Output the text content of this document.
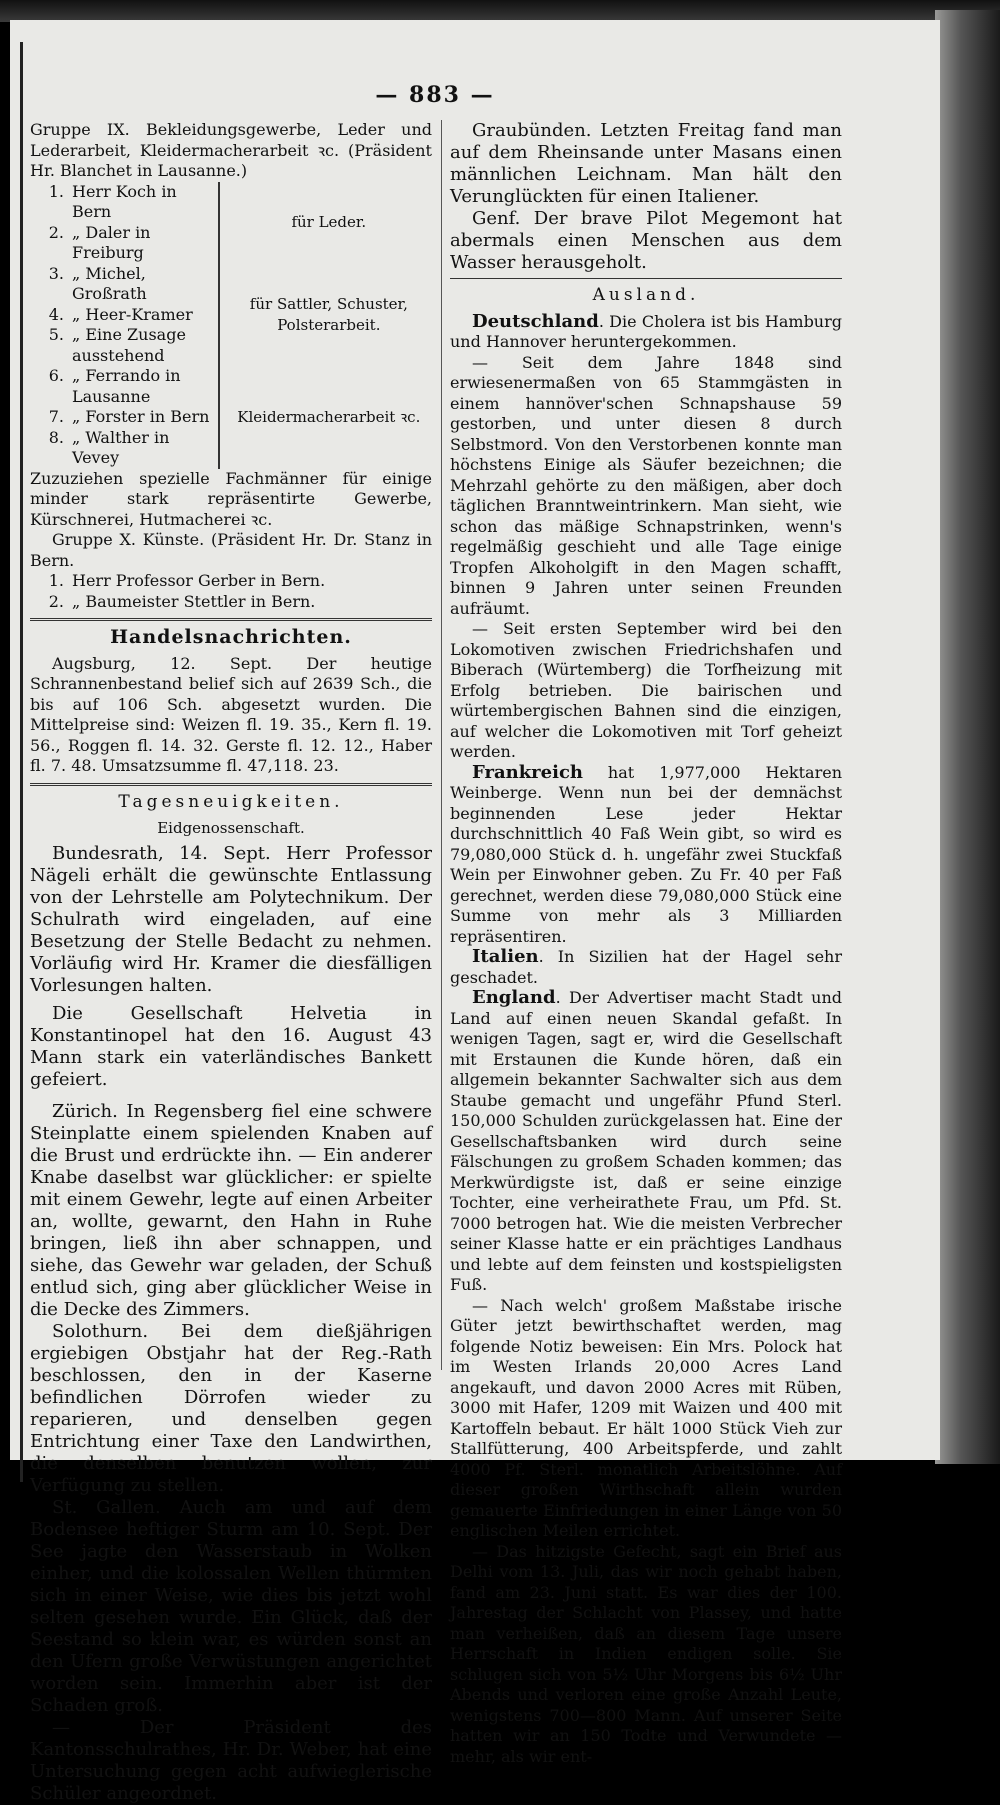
— 883 —

Gruppe IX. Bekleidungsgewerbe, Leder und Lederarbeit, Kleidermacherarbeit ꝛc. (Präsident Hr. Blanchet in Lausanne.)

1.	Herr Koch in Bern	für Leder.
2.	„ Daler in Freiburg	
3.	„ Michel, Großrath	für Sattler, Schuster, Polsterarbeit.
4.	„ Heer-Kramer	
5.	„ Eine Zusage ausstehend	
6.	„ Ferrando in Lausanne	Kleidermacherarbeit ꝛc.
7.	„ Forster in Bern	
8.	„ Walther in Vevey	

Zuzuziehen spezielle Fachmänner für einige minder stark repräsentirte Gewerbe, Kürschnerei, Hutmacherei ꝛc.

Gruppe X. Künste. (Präsident Hr. Dr. Stanz in Bern.

1.	Herr Professor Gerber in Bern.
2.	„ Baumeister Stettler in Bern.
Handelsnachrichten.

Augsburg, 12. Sept. Der heutige Schrannenbestand belief sich auf 2639 Sch., die bis auf 106 Sch. abgesetzt wurden. Die Mittelpreise sind: Weizen fl. 19. 35., Kern fl. 19. 56., Roggen fl. 14. 32. Gerste fl. 12. 12., Haber fl. 7. 48. Umsatzsumme fl. 47,118. 23.

Tagesneuigkeiten.
Eidgenossenschaft.

Bundesrath, 14. Sept. Herr Professor Nägeli erhält die gewünschte Entlassung von der Lehrstelle am Polytechnikum. Der Schulrath wird eingeladen, auf eine Besetzung der Stelle Bedacht zu nehmen. Vorläufig wird Hr. Kramer die diesfälligen Vorlesungen halten.

Die Gesellschaft Helvetia in Konstantinopel hat den 16. August 43 Mann stark ein vaterländisches Bankett gefeiert.

Zürich. In Regensberg fiel eine schwere Steinplatte einem spielenden Knaben auf die Brust und erdrückte ihn. — Ein anderer Knabe daselbst war glücklicher: er spielte mit einem Gewehr, legte auf einen Arbeiter an, wollte, gewarnt, den Hahn in Ruhe bringen, ließ ihn aber schnappen, und siehe, das Gewehr war geladen, der Schuß entlud sich, ging aber glücklicher Weise in die Decke des Zimmers.

Solothurn. Bei dem dießjährigen ergiebigen Obstjahr hat der Reg.-Rath beschlossen, den in der Kaserne befindlichen Dörrofen wieder zu reparieren, und denselben gegen Entrichtung einer Taxe den Landwirthen, die denselben benutzen wollen, zur Verfügung zu stellen.

St. Gallen. Auch am und auf dem Bodensee heftiger Sturm am 10. Sept. Der See jagte den Wasserstaub in Wolken einher, und die kolossalen Wellen thürmten sich in einer Weise, wie dies bis jetzt wohl selten gesehen wurde. Ein Glück, daß der Seestand so klein war, es würden sonst an den Ufern große Verwüstungen angerichtet worden sein. Immerhin aber ist der Schaden groß.

— Der Präsident des Kantonsschulrathes, Hr. Dr. Weber, hat eine Untersuchung gegen acht aufwieglerische Schüler angeordnet.

Graubünden. Letzten Freitag fand man auf dem Rheinsande unter Masans einen männlichen Leichnam. Man hält den Verunglückten für einen Italiener.

Genf. Der brave Pilot Megemont hat abermals einen Menschen aus dem Wasser herausgeholt.

Ausland.

Deutschland. Die Cholera ist bis Hamburg und Hannover heruntergekommen.

— Seit dem Jahre 1848 sind erwiesenermaßen von 65 Stammgästen in einem hannöver'schen Schnapshause 59 gestorben, und unter diesen 8 durch Selbstmord. Von den Verstorbenen konnte man höchstens Einige als Säufer bezeichnen; die Mehrzahl gehörte zu den mäßigen, aber doch täglichen Branntweintrinkern. Man sieht, wie schon das mäßige Schnapstrinken, wenn's regelmäßig geschieht und alle Tage einige Tropfen Alkoholgift in den Magen schafft, binnen 9 Jahren unter seinen Freunden aufräumt.

— Seit ersten September wird bei den Lokomotiven zwischen Friedrichshafen und Biberach (Würtemberg) die Torfheizung mit Erfolg betrieben. Die bairischen und würtembergischen Bahnen sind die einzigen, auf welcher die Lokomotiven mit Torf geheizt werden.

Frankreich hat 1,977,000 Hektaren Weinberge. Wenn nun bei der demnächst beginnenden Lese jeder Hektar durchschnittlich 40 Faß Wein gibt, so wird es 79,080,000 Stück d. h. ungefähr zwei Stuckfaß Wein per Einwohner geben. Zu Fr. 40 per Faß gerechnet, werden diese 79,080,000 Stück eine Summe von mehr als 3 Milliarden repräsentiren.

Italien. In Sizilien hat der Hagel sehr geschadet.

England. Der Advertiser macht Stadt und Land auf einen neuen Skandal gefaßt. In wenigen Tagen, sagt er, wird die Gesellschaft mit Erstaunen die Kunde hören, daß ein allgemein bekannter Sachwalter sich aus dem Staube gemacht und ungefähr Pfund Sterl. 150,000 Schulden zurückgelassen hat. Eine der Gesellschaftsbanken wird durch seine Fälschungen zu großem Schaden kommen; das Merkwürdigste ist, daß er seine einzige Tochter, eine verheirathete Frau, um Pfd. St. 7000 betrogen hat. Wie die meisten Verbrecher seiner Klasse hatte er ein prächtiges Landhaus und lebte auf dem feinsten und kostspieligsten Fuß.

— Nach welch' großem Maßstabe irische Güter jetzt bewirthschaftet werden, mag folgende Notiz beweisen: Ein Mrs. Polock hat im Westen Irlands 20,000 Acres Land angekauft, und davon 2000 Acres mit Rüben, 3000 mit Hafer, 1209 mit Waizen und 400 mit Kartoffeln bebaut. Er hält 1000 Stück Vieh zur Stallfütterung, 400 Arbeitspferde, und zahlt 4000 Pf. Sterl. monatlich Arbeitslöhne. Auf dieser großen Wirthschaft allein wurden gemauerte Einfriedungen in einer Länge von 50 englischen Meilen errichtet.

— Das hitzigste Gefecht, sagt ein Brief aus Delhi vom 13. Juli, das wir noch gehabt haben, fand am 23. Juni statt. Es war dies der 100. Jahrestag der Schlacht von Plassey, und hatte man verheißen, daß an diesem Tage unsere Herrschaft in Indien endigen solle. Sie schlugen sich von 5½ Uhr Morgens bis 6½ Uhr Abends und verloren eine große Anzahl Leute, wenigstens 700—800 Mann. Auf unserer Seite hatten wir an 150 Todte und Verwundete — mehr, als wir ent-
